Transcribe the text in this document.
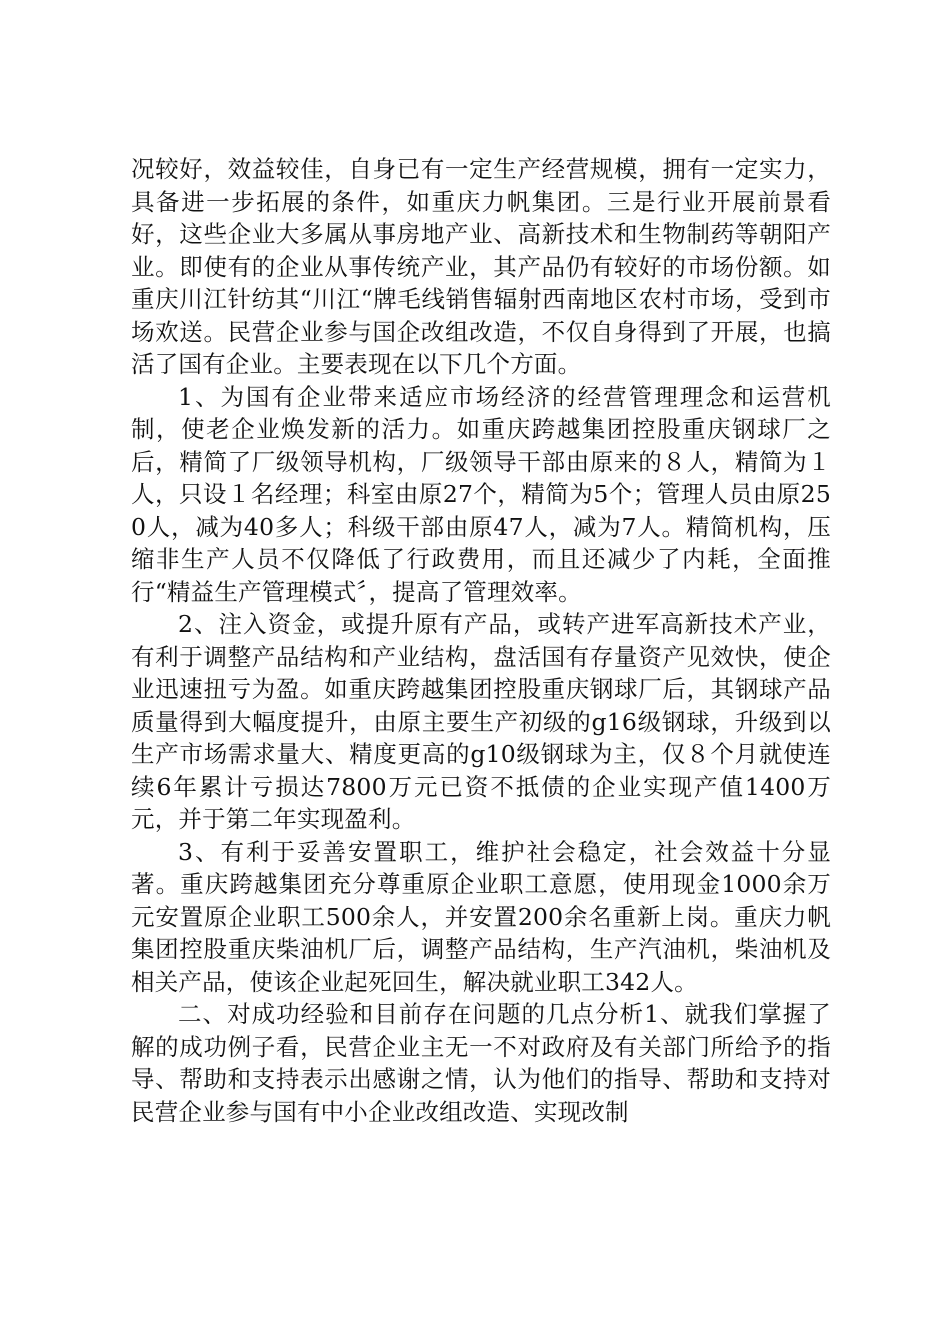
况较好，效益较佳，自身已有一定生产经营规模，拥有一定实力，具备进一步拓展的条件，如重庆力帆集团。三是行业开展前景看好，这些企业大多属从事房地产业、高新技术和生物制药等朝阳产业。即使有的企业从事传统产业，其产品仍有较好的市场份额。如重庆川江针纺其“川江“牌毛线销售辐射西南地区农村市场，受到市场欢送。民营企业参与国企改组改造，不仅自身得到了开展，也搞活了国有企业。主要表现在以下几个方面。

1、为国有企业带来适应市场经济的经营管理理念和运营机制，使老企业焕发新的活力。如重庆跨越集团控股重庆钢球厂之后，精简了厂级领导机构，厂级领导干部由原来的８人，精简为１人，只设１名经理；科室由原27个，精简为5个；管理人员由原250人，减为40多人；科级干部由原47人，减为7人。精简机构，压缩非生产人员不仅降低了行政费用，而且还减少了内耗，全面推行“精益生产管理模式〞，提高了管理效率。

2、注入资金，或提升原有产品，或转产进军高新技术产业，有利于调整产品结构和产业结构，盘活国有存量资产见效快，使企业迅速扭亏为盈。如重庆跨越集团控股重庆钢球厂后，其钢球产品质量得到大幅度提升，由原主要生产初级的g16级钢球，升级到以生产市场需求量大、精度更高的g10级钢球为主，仅８个月就使连续6年累计亏损达7800万元已资不抵债的企业实现产值1400万元，并于第二年实现盈利。

3、有利于妥善安置职工，维护社会稳定，社会效益十分显著。重庆跨越集团充分尊重原企业职工意愿，使用现金1000余万元安置原企业职工500余人，并安置200余名重新上岗。重庆力帆集团控股重庆柴油机厂后，调整产品结构，生产汽油机，柴油机及相关产品，使该企业起死回生，解决就业职工342人。

二、对成功经验和目前存在问题的几点分析1、就我们掌握了解的成功例子看，民营企业主无一不对政府及有关部门所给予的指导、帮助和支持表示出感谢之情，认为他们的指导、帮助和支持对民营企业参与国有中小企业改组改造、实现改制
